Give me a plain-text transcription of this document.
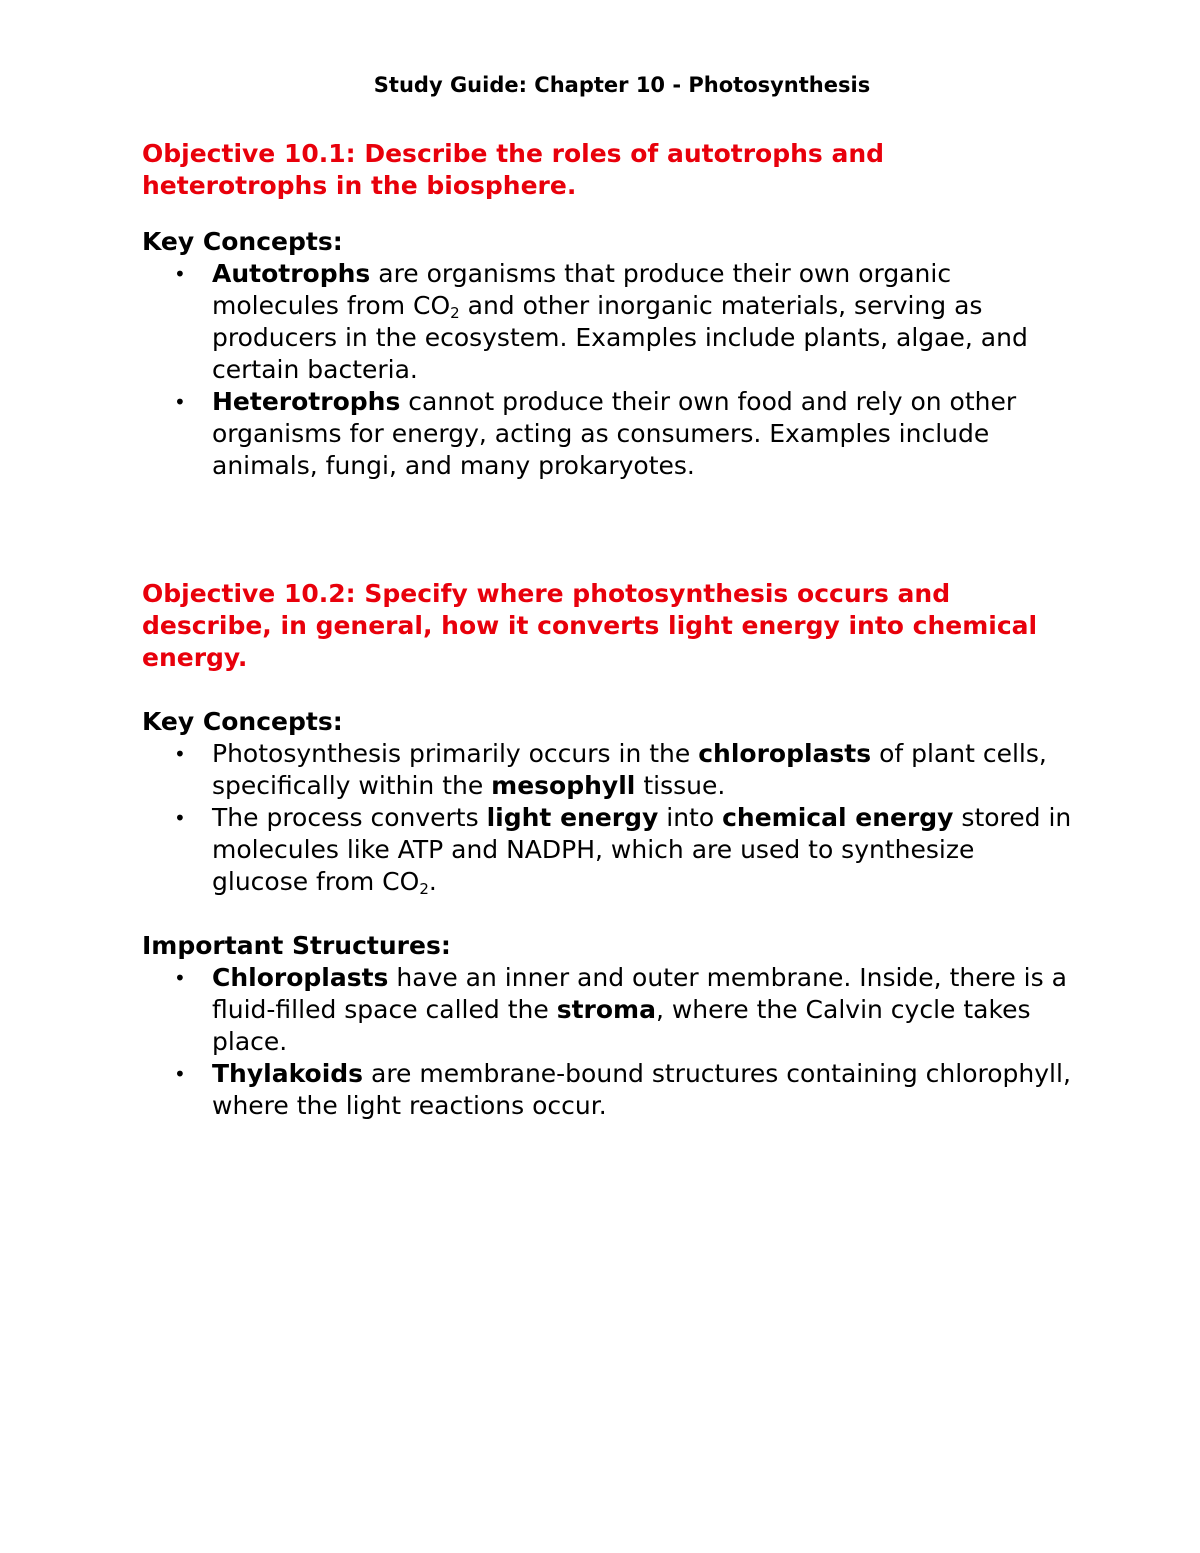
Study Guide: Chapter 10 - Photosynthesis

Objective 10.1: Describe the roles of autotrophs and heterotrophs in the biosphere.

Key Concepts:

• Autotrophs are organisms that produce their own organic molecules from $CO_2$ and other inorganic materials, serving as producers in the ecosystem. Examples include plants, algae, and certain bacteria.
• Heterotrophs cannot produce their own food and rely on other organisms for energy, acting as consumers. Examples include animals, fungi, and many prokaryotes.

Objective 10.2: Specify where photosynthesis occurs and describe, in general, how it converts light energy into chemical energy.

Key Concepts:

• Photosynthesis primarily occurs in the chloroplasts of plant cells, specifically within the mesophyll tissue.
• The process converts light energy into chemical energy stored in molecules like ATP and NADPH, which are used to synthesize glucose from $CO_2$.

Important Structures:

• Chloroplasts have an inner and outer membrane. Inside, there is a fluid-filled space called the stroma, where the Calvin cycle takes place.
• Thylakoids are membrane-bound structures containing chlorophyll, where the light reactions occur.
